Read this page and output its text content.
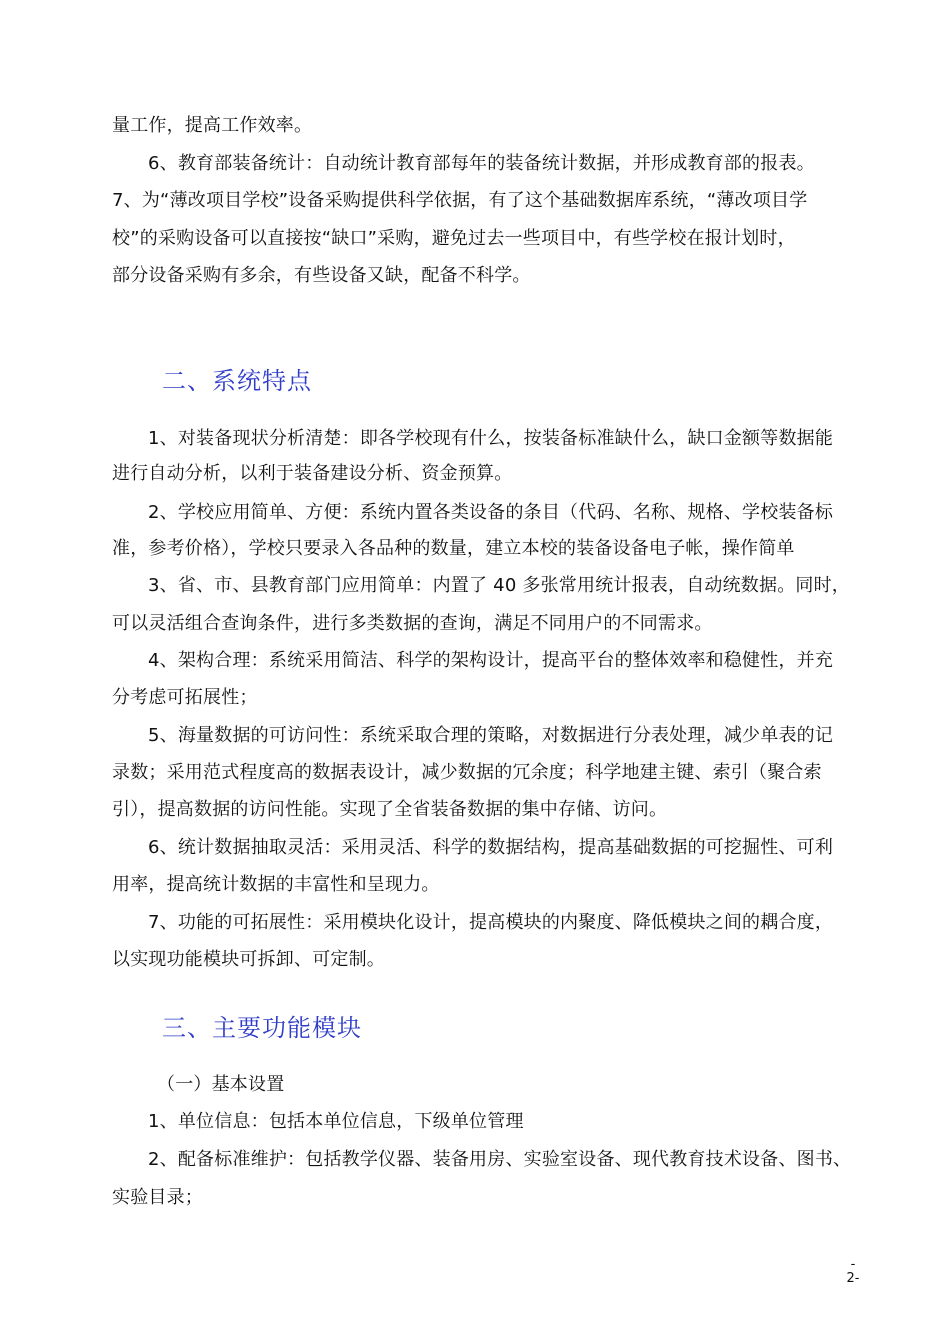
量工作，提高工作效率。
6、教育部装备统计：自动统计教育部每年的装备统计数据，并形成教育部的报表。
7、为“薄改项目学校”设备采购提供科学依据，有了这个基础数据库系统，“薄改项目学
校”的采购设备可以直接按“缺口”采购，避免过去一些项目中，有些学校在报计划时，
部分设备采购有多余，有些设备又缺，配备不科学。
二、系统特点
1、对装备现状分析清楚：即各学校现有什么，按装备标准缺什么，缺口金额等数据能
进行自动分析，以利于装备建设分析、资金预算。
2、学校应用简单、方便：系统内置各类设备的条目（代码、名称、规格、学校装备标
准，参考价格），学校只要录入各品种的数量，建立本校的装备设备电子帐，操作简单
3、省、市、县教育部门应用简单：内置了 40 多张常用统计报表，自动统数据。同时，
可以灵活组合查询条件，进行多类数据的查询，满足不同用户的不同需求。
4、架构合理：系统采用简洁、科学的架构设计，提高平台的整体效率和稳健性，并充
分考虑可拓展性；
5、海量数据的可访问性：系统采取合理的策略，对数据进行分表处理，减少单表的记
录数；采用范式程度高的数据表设计，减少数据的冗余度；科学地建主键、索引（聚合索
引），提高数据的访问性能。实现了全省装备数据的集中存储、访问。
6、统计数据抽取灵活：采用灵活、科学的数据结构，提高基础数据的可挖掘性、可利
用率，提高统计数据的丰富性和呈现力。
7、功能的可拓展性：采用模块化设计，提高模块的内聚度、降低模块之间的耦合度，
以实现功能模块可拆卸、可定制。
三、主要功能模块
（一）基本设置
1、单位信息：包括本单位信息，下级单位管理
2、配备标准维护：包括教学仪器、装备用房、实验室设备、现代教育技术设备、图书、
实验目录；
-
2-
